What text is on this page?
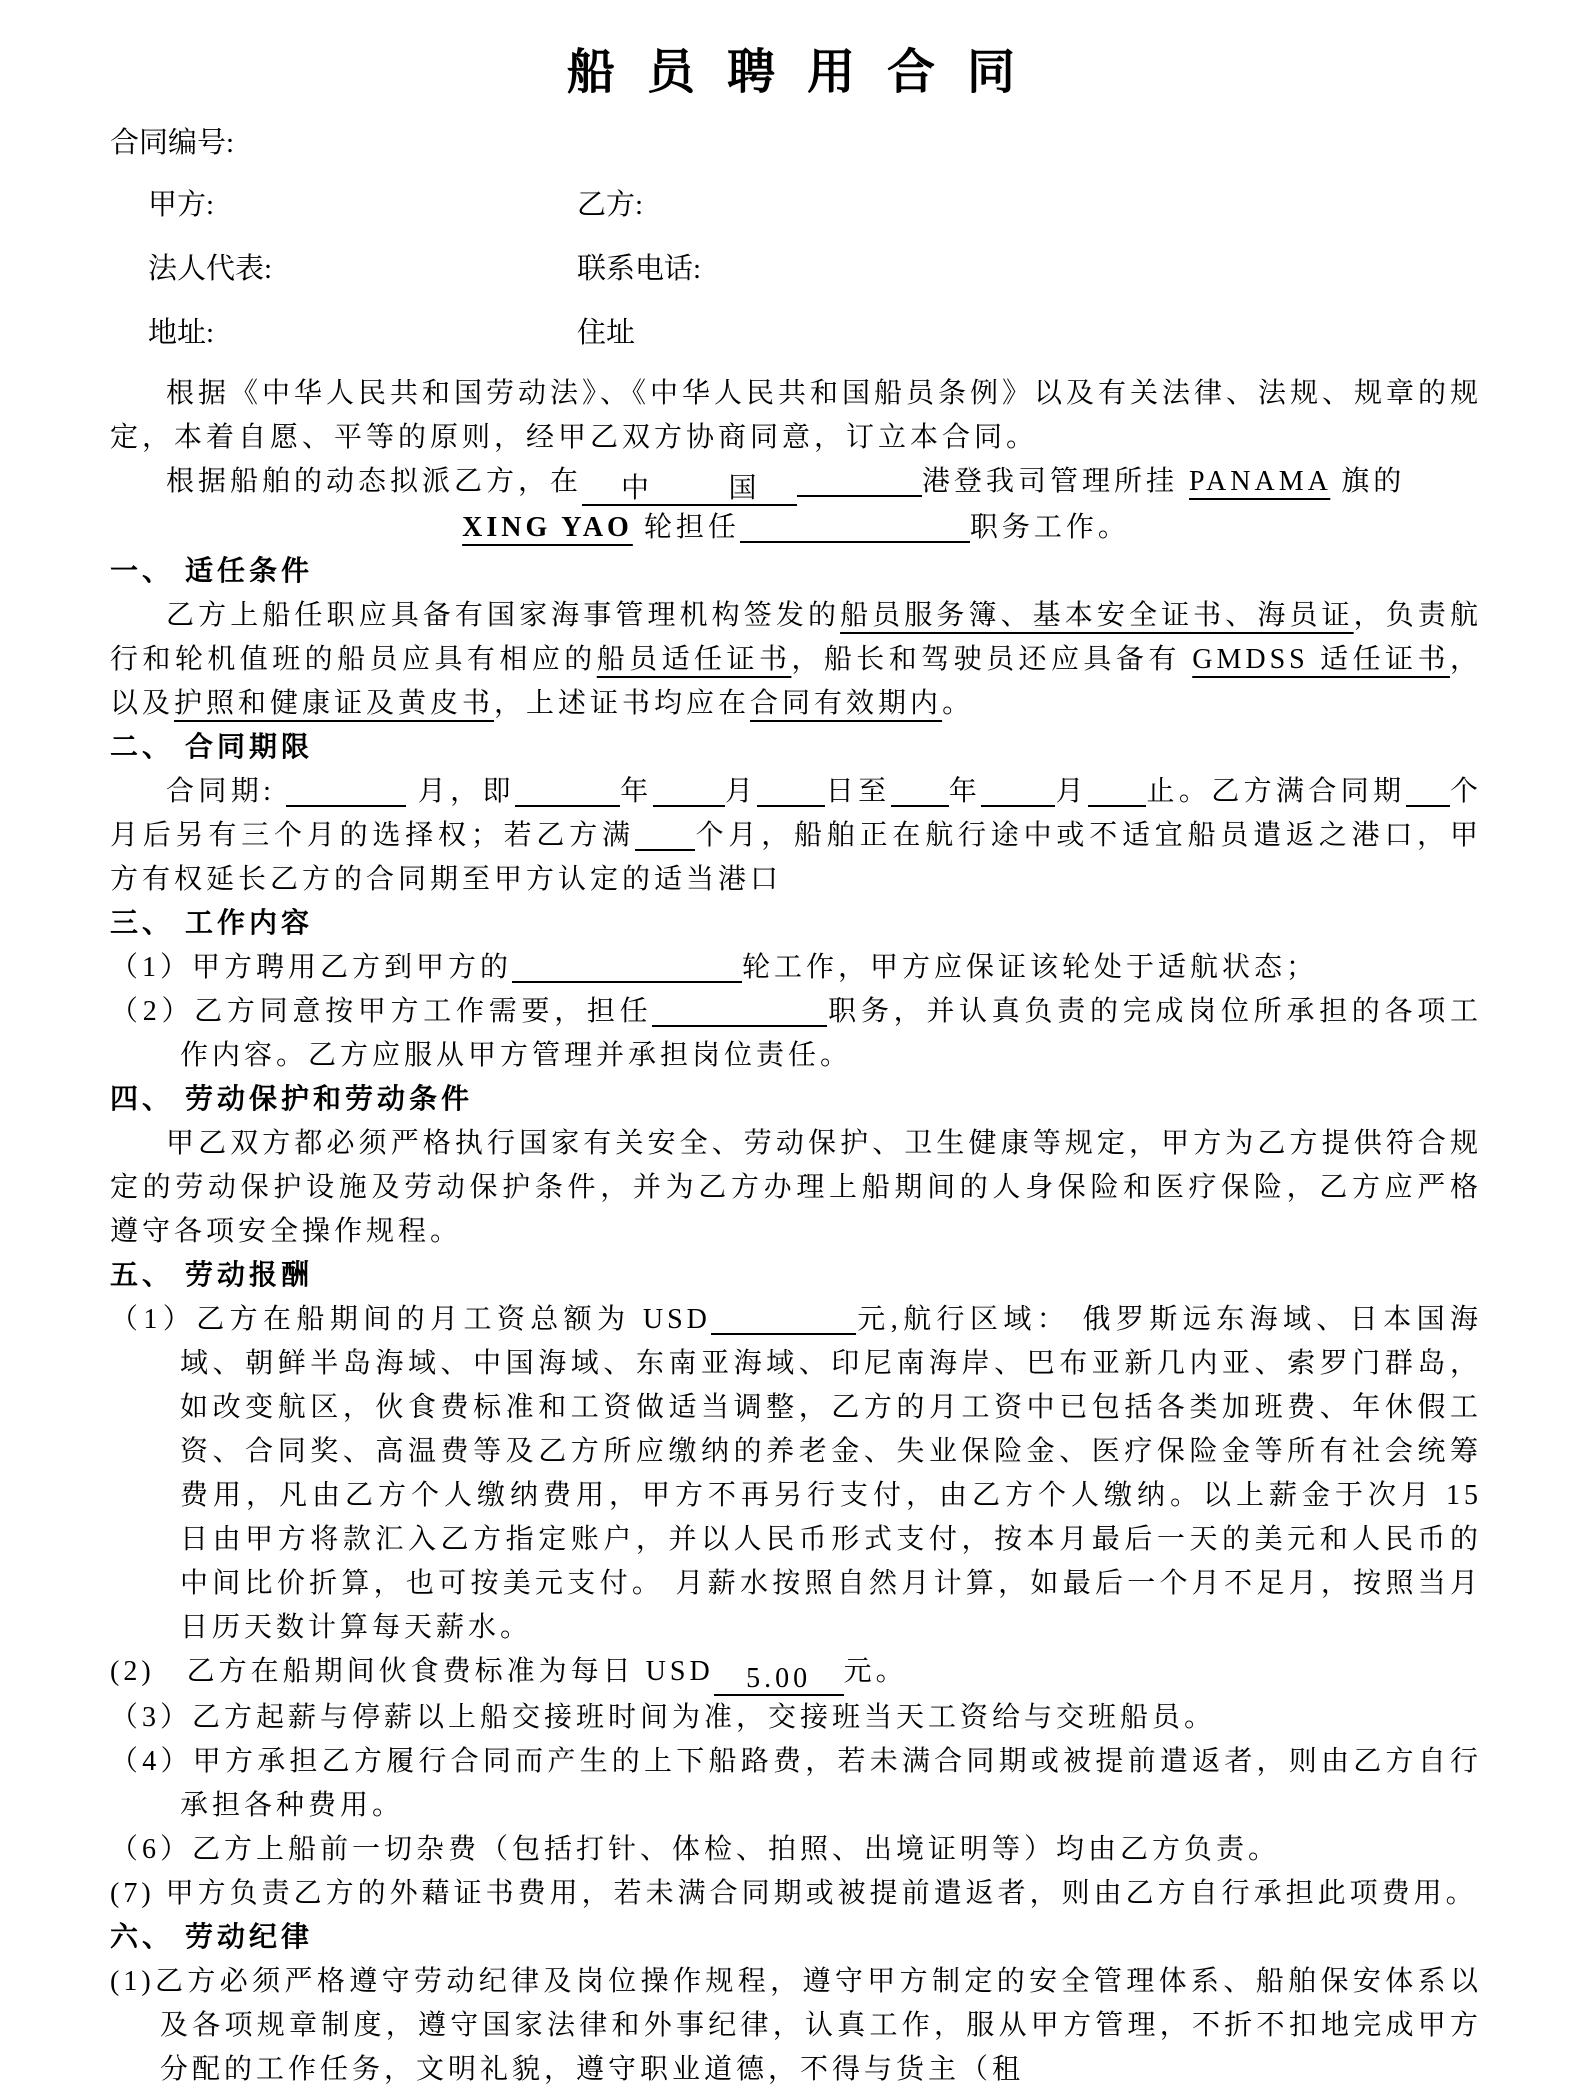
船 员 聘 用 合 同
合同编号:
甲方:	乙方:
法人代表:	联系电话:
地址:	住址
根据《中华人民共和国劳动法》、《中华人民共和国船员条例》以及有关法律、法规、规章的规定，本着自愿、平等的原则，经甲乙双方协商同意，订立本合同。
根据船舶的动态拟派乙方，在 中	国	港登我司管理所挂 PANAMA 旗的
XING YAO 轮担任	职务工作。
一、 适任条件
乙方上船任职应具备有国家海事管理机构签发的船员服务簿、基本安全证书、海员证，负责航行和轮机值班的船员应具有相应的船员适任证书，船长和驾驶员还应具备有 GMDSS 适任证书，以及护照和健康证及黄皮书，上述证书均应在合同有效期内。
二、 合同期限
合同期:	月，即	年	月 日至 年	月 止。乙方满合同期 个月后另有三个月的选择权；若乙方满 个月，船舶正在航行途中或不适宜船员遣返之港口，甲方有权延长乙方的合同期至甲方认定的适当港口
三、 工作内容
（1）甲方聘用乙方到甲方的	轮工作，甲方应保证该轮处于适航状态；
（2）乙方同意按甲方工作需要，担任	职务，并认真负责的完成岗位所承担的各项工作内容。乙方应服从甲方管理并承担岗位责任。
四、 劳动保护和劳动条件
甲乙双方都必须严格执行国家有关安全、劳动保护、卫生健康等规定，甲方为乙方提供符合规定的劳动保护设施及劳动保护条件，并为乙方办理上船期间的人身保险和医疗保险，乙方应严格遵守各项安全操作规程。
五、 劳动报酬
（1）乙方在船期间的月工资总额为 USD	元,航行区域： 俄罗斯远东海域、日本国海域、朝鲜半岛海域、中国海域、东南亚海域、印尼南海岸、巴布亚新几内亚、索罗门群岛，如改变航区，伙食费标准和工资做适当调整，乙方的月工资中已包括各类加班费、年休假工资、合同奖、高温费等及乙方所应缴纳的养老金、失业保险金、医疗保险金等所有社会统筹费用，凡由乙方个人缴纳费用，甲方不再另行支付，由乙方个人缴纳。以上薪金于次月 15 日由甲方将款汇入乙方指定账户，并以人民币形式支付，按本月最后一天的美元和人民币的中间比价折算，也可按美元支付。 月薪水按照自然月计算，如最后一个月不足月，按照当月日历天数计算每天薪水。
(2)　乙方在船期间伙食费标准为每日 USD 5.00 元。
（3）乙方起薪与停薪以上船交接班时间为准，交接班当天工资给与交班船员。
（4）甲方承担乙方履行合同而产生的上下船路费，若未满合同期或被提前遣返者，则由乙方自行承担各种费用。
（6）乙方上船前一切杂费（包括打针、体检、拍照、出境证明等）均由乙方负责。
(7) 甲方负责乙方的外藉证书费用，若未满合同期或被提前遣返者，则由乙方自行承担此项费用。
六、 劳动纪律
(1)乙方必须严格遵守劳动纪律及岗位操作规程，遵守甲方制定的安全管理体系、船舶保安体系以及各项规章制度，遵守国家法律和外事纪律，认真工作，服从甲方管理，不折不扣地完成甲方分配的工作任务，文明礼貌，遵守职业道德，不得与货主（租
